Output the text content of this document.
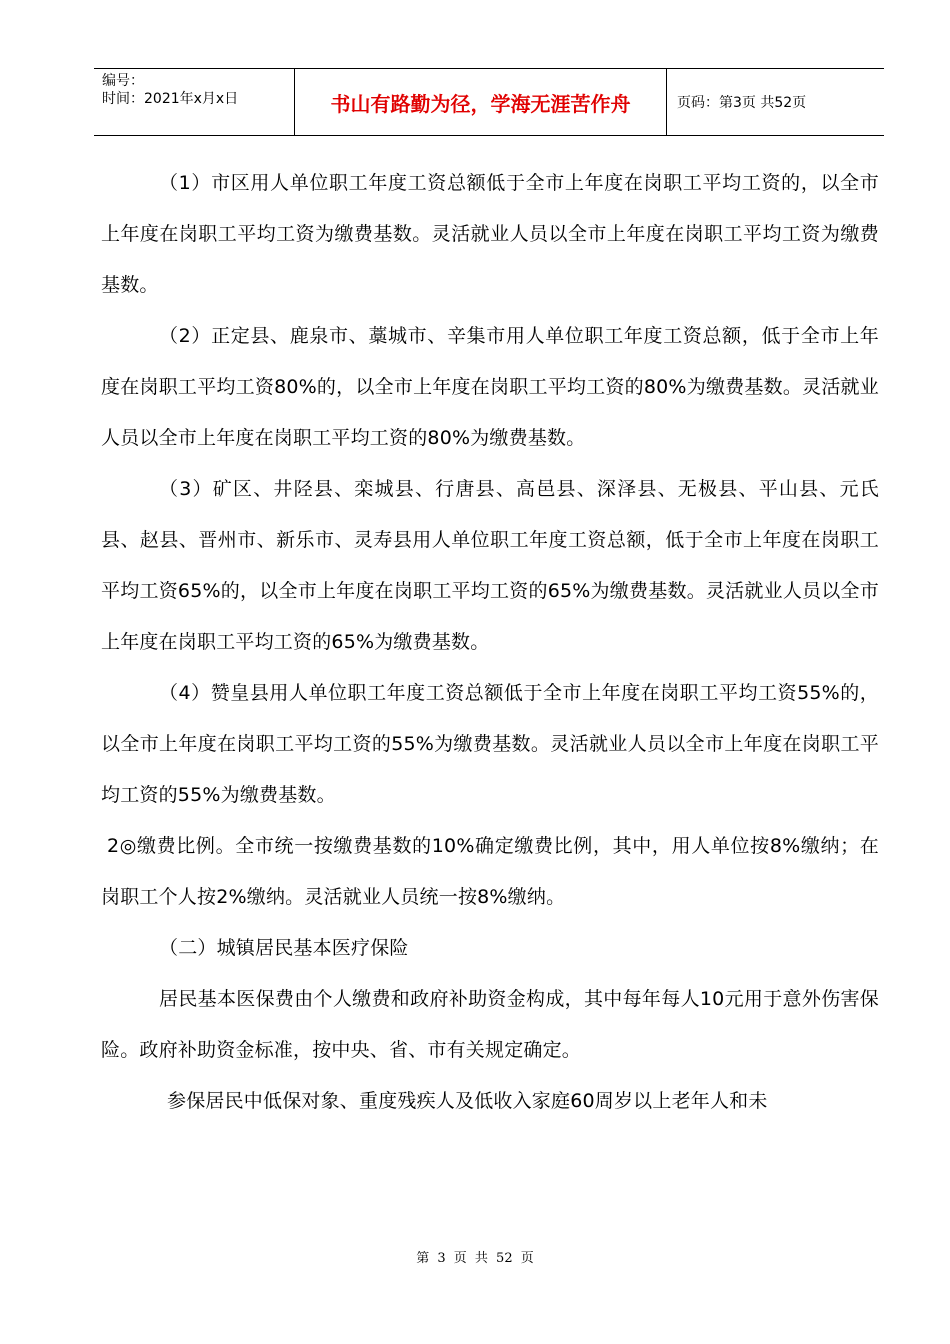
编号：
时间：2021年x月x日	书山有路勤为径，学海无涯苦作舟	页码：第3页 共52页

（1）市区用人单位职工年度工资总额低于全市上年度在岗职工平均工资的，以全市上年度在岗职工平均工资为缴费基数。灵活就业人员以全市上年度在岗职工平均工资为缴费基数。

（2）正定县、鹿泉市、藁城市、辛集市用人单位职工年度工资总额，低于全市上年度在岗职工平均工资80%的，以全市上年度在岗职工平均工资的80%为缴费基数。灵活就业人员以全市上年度在岗职工平均工资的80%为缴费基数。

（3）矿区、井陉县、栾城县、行唐县、高邑县、深泽县、无极县、平山县、元氏县、赵县、晋州市、新乐市、灵寿县用人单位职工年度工资总额，低于全市上年度在岗职工平均工资65%的，以全市上年度在岗职工平均工资的65%为缴费基数。灵活就业人员以全市上年度在岗职工平均工资的65%为缴费基数。

（4）赞皇县用人单位职工年度工资总额低于全市上年度在岗职工平均工资55%的，以全市上年度在岗职工平均工资的55%为缴费基数。灵活就业人员以全市上年度在岗职工平均工资的55%为缴费基数。

2◎缴费比例。全市统一按缴费基数的10%确定缴费比例，其中，用人单位按8%缴纳；在岗职工个人按2%缴纳。灵活就业人员统一按8%缴纳。

（二）城镇居民基本医疗保险

居民基本医保费由个人缴费和政府补助资金构成，其中每年每人10元用于意外伤害保险。政府补助资金标准，按中央、省、市有关规定确定。

参保居民中低保对象、重度残疾人及低收入家庭60周岁以上老年人和未

第 3 页 共 52 页
